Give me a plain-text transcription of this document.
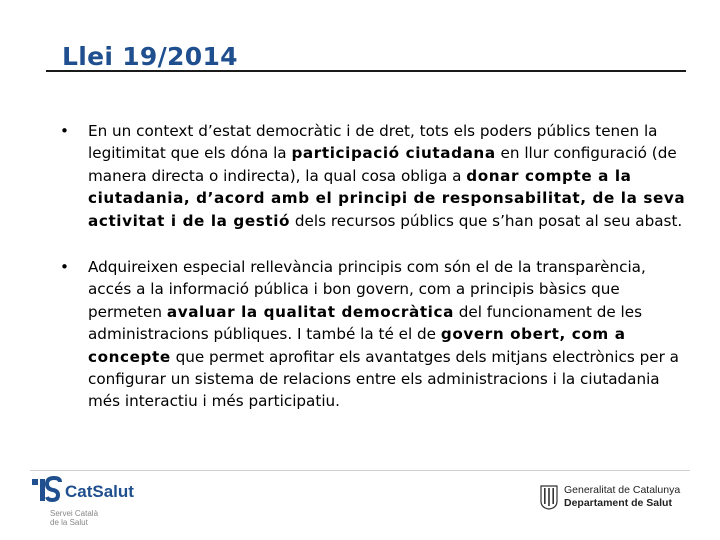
Llei 19/2014
• En un context d’estat democràtic i de dret, tots els poders públics tenen la legitimitat que els dóna la participació ciutadana en llur configuració (de manera directa o indirecta), la qual cosa obliga a donar compte a la ciutadania, d’acord amb el principi de responsabilitat, de la seva activitat i de la gestió dels recursos públics que s’han posat al seu abast.
• Adquireixen especial rellevància principis com són el de la transparència, accés a la informació pública i bon govern, com a principis bàsics que permeten avaluar la qualitat democràtica del funcionament de les administracions públiques. I també la té el de govern obert, com a concepte que permet aprofitar els avantatges dels mitjans electrònics per a configurar un sistema de relacions entre els administracions i la ciutadania més interactiu i més participatiu.
CatSalut
Servei Català
de la Salut
Generalitat de Catalunya
Departament de Salut
